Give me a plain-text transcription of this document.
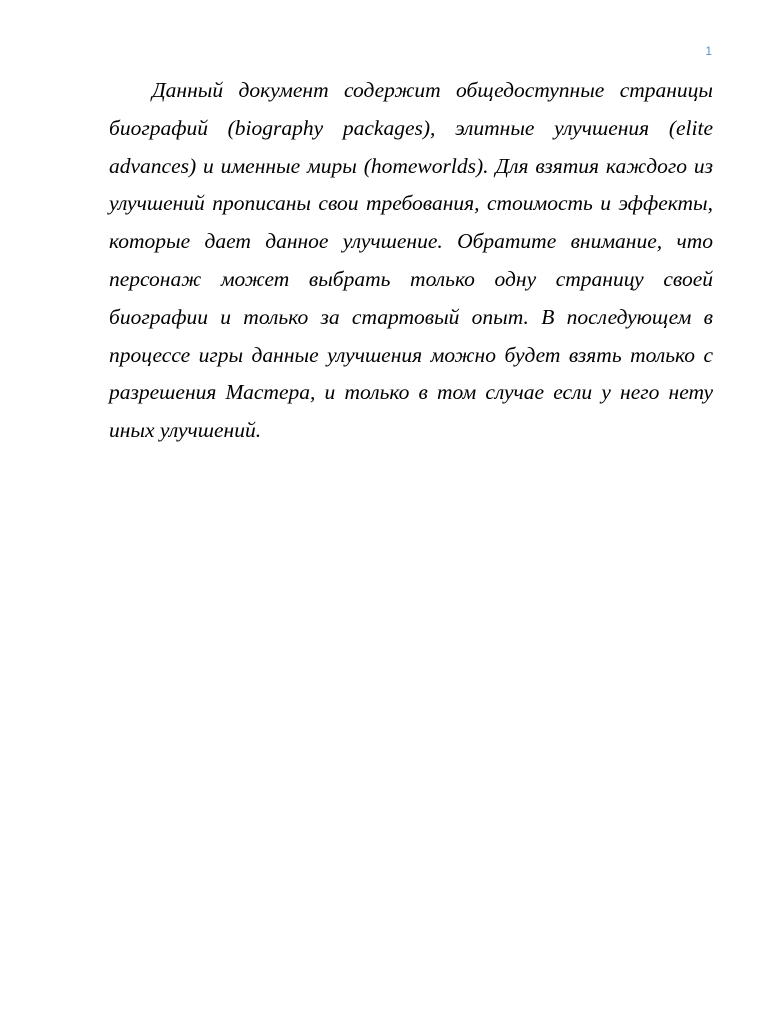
1

Данный документ содержит общедоступные страницы биографий (biography packages), элитные улучшения (elite advances) и именные миры (homeworlds). Для взятия каждого из улучшений прописаны свои требования, стоимость и эффекты, которые дает данное улучшение. Обратите внимание, что персонаж может выбрать только одну страницу своей биографии и только за стартовый опыт. В последующем в процессе игры данные улучшения можно будет взять только с разрешения Мастера, и только в том случае если у него нету иных улучшений.
